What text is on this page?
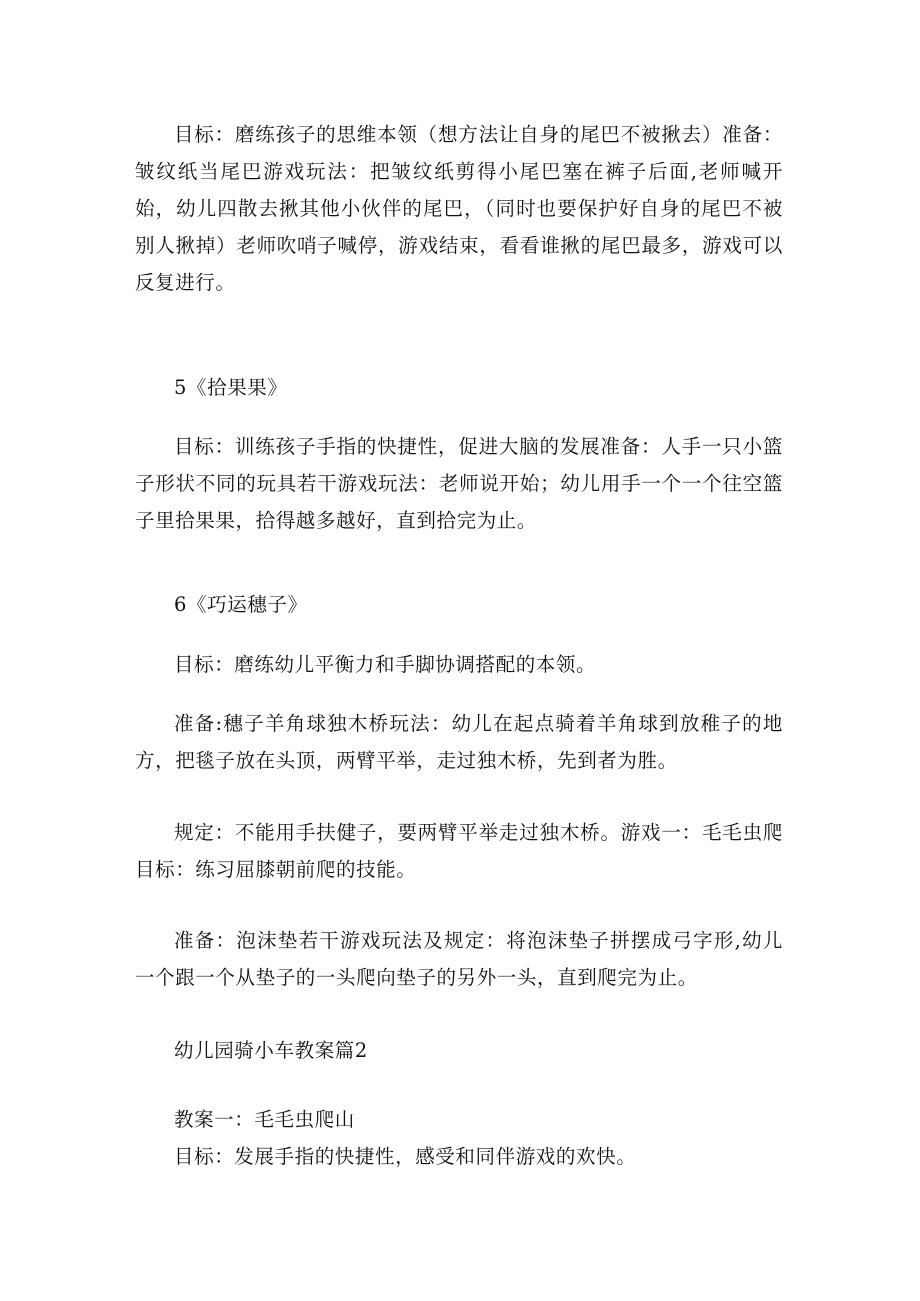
目标：磨练孩子的思维本领（想方法让自身的尾巴不被揪去）准备：皱纹纸当尾巴游戏玩法：把皱纹纸剪得小尾巴塞在裤子后面,老师喊开始，幼儿四散去揪其他小伙伴的尾巴，（同时也要保护好自身的尾巴不被别人揪掉）老师吹哨子喊停，游戏结束，看看谁揪的尾巴最多，游戏可以反复进行。

5《拾果果》

目标：训练孩子手指的快捷性，促进大脑的发展准备：人手一只小篮子形状不同的玩具若干游戏玩法：老师说开始；幼儿用手一个一个往空篮子里拾果果，拾得越多越好，直到拾完为止。

6《巧运穗子》

目标：磨练幼儿平衡力和手脚协调搭配的本领。

准备:穗子羊角球独木桥玩法：幼儿在起点骑着羊角球到放稚子的地方，把毯子放在头顶，两臂平举，走过独木桥，先到者为胜。

规定：不能用手扶健子，要两臂平举走过独木桥。游戏一：毛毛虫爬目标：练习屈膝朝前爬的技能。

准备：泡沫垫若干游戏玩法及规定：将泡沫垫子拼摆成弓字形,幼儿一个跟一个从垫子的一头爬向垫子的另外一头，直到爬完为止。

幼儿园骑小车教案篇2

教案一：毛毛虫爬山

目标：发展手指的快捷性，感受和同伴游戏的欢快。
